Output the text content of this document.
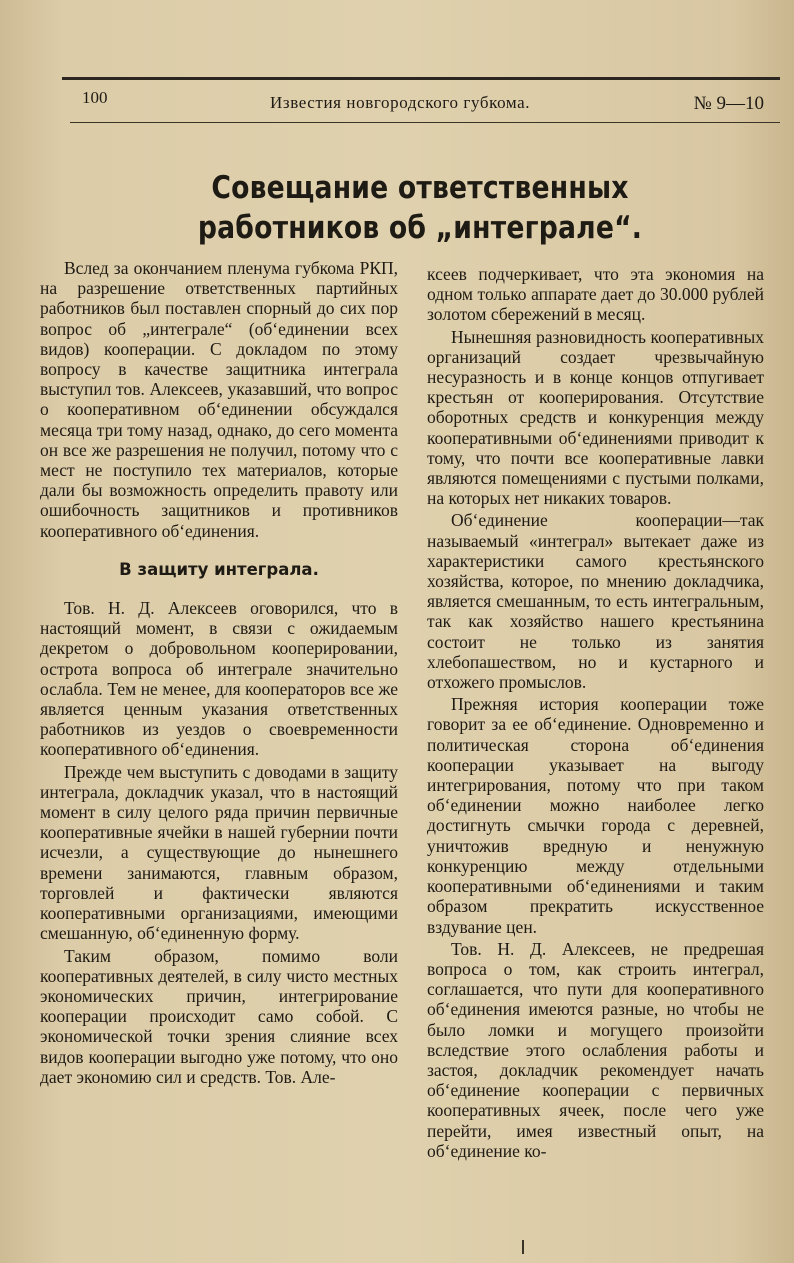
100	Известия новгородского губкома.	№ 9—10
Совещание ответственных работников об „интеграле“.

Вслед за окончанием пленума губкома РКП, на разрешение ответственных партийных работников был поставлен спорный до сих пор вопрос об „интеграле“ (об‘единении всех видов) кооперации. С докладом по этому вопросу в качестве защитника интеграла выступил тов. Алексеев, указавший, что вопрос о кооперативном об‘единении обсуждался месяца три тому назад, однако, до сего момента он все же разрешения не получил, потому что с мест не поступило тех материалов, которые дали бы возможность определить правоту или ошибочность защитников и противников кооперативного об‘единения.

В защиту интеграла.

Тов. Н. Д. Алексеев оговорился, что в настоящий момент, в связи с ожидаемым декретом о добровольном кооперировании, острота вопроса об интеграле значительно ослабла. Тем не менее, для кооператоров все же является ценным указания ответственных работников из уездов о своевременности кооперативного об‘единения.

Прежде чем выступить с доводами в защиту интеграла, докладчик указал, что в настоящий момент в силу целого ряда причин первичные кооперативные ячейки в нашей губернии почти исчезли, а существующие до нынешнего времени занимаются, главным образом, торговлей и фактически являются кооперативными организациями, имеющими смешанную, об‘единенную форму.

Таким образом, помимо воли кооперативных деятелей, в силу чисто местных экономических причин, интегрирование кооперации происходит само собой. С экономической точки зрения слияние всех видов кооперации выгодно уже потому, что оно дает экономию сил и средств. Тов. Але-

ксеев подчеркивает, что эта экономия на одном только аппарате дает до 30.000 рублей золотом сбережений в месяц.

Нынешняя разновидность кооперативных организаций создает чрезвычайную несуразность и в конце концов отпугивает крестьян от кооперирования. Отсутствие оборотных средств и конкуренция между кооперативными об‘единениями приводит к тому, что почти все кооперативные лавки являются помещениями с пустыми полками, на которых нет никаких товаров.

Об‘единение кооперации—так называемый «интеграл» вытекает даже из характеристики самого крестьянского хозяйства, которое, по мнению докладчика, является смешанным, то есть интегральным, так как хозяйство нашего крестьянина состоит не только из занятия хлебопашеством, но и кустарного и отхожего промыслов.

Прежняя история кооперации тоже говорит за ее об‘единение. Одновременно и политическая сторона об‘единения кооперации указывает на выгоду интегрирования, потому что при таком об‘единении можно наиболее легко достигнуть смычки города с деревней, уничтожив вредную и ненужную конкуренцию между отдельными кооперативными об‘единениями и таким образом прекратить искусственное вздувание цен.

Тов. Н. Д. Алексеев, не предрешая вопроса о том, как строить интеграл, соглашается, что пути для кооперативного об‘единения имеются разные, но чтобы не было ломки и могущего произойти вследствие этого ослабления работы и застоя, докладчик рекомендует начать об‘единение кооперации с первичных кооперативных ячеек, после чего уже перейти, имея известный опыт, на об‘единение ко-
